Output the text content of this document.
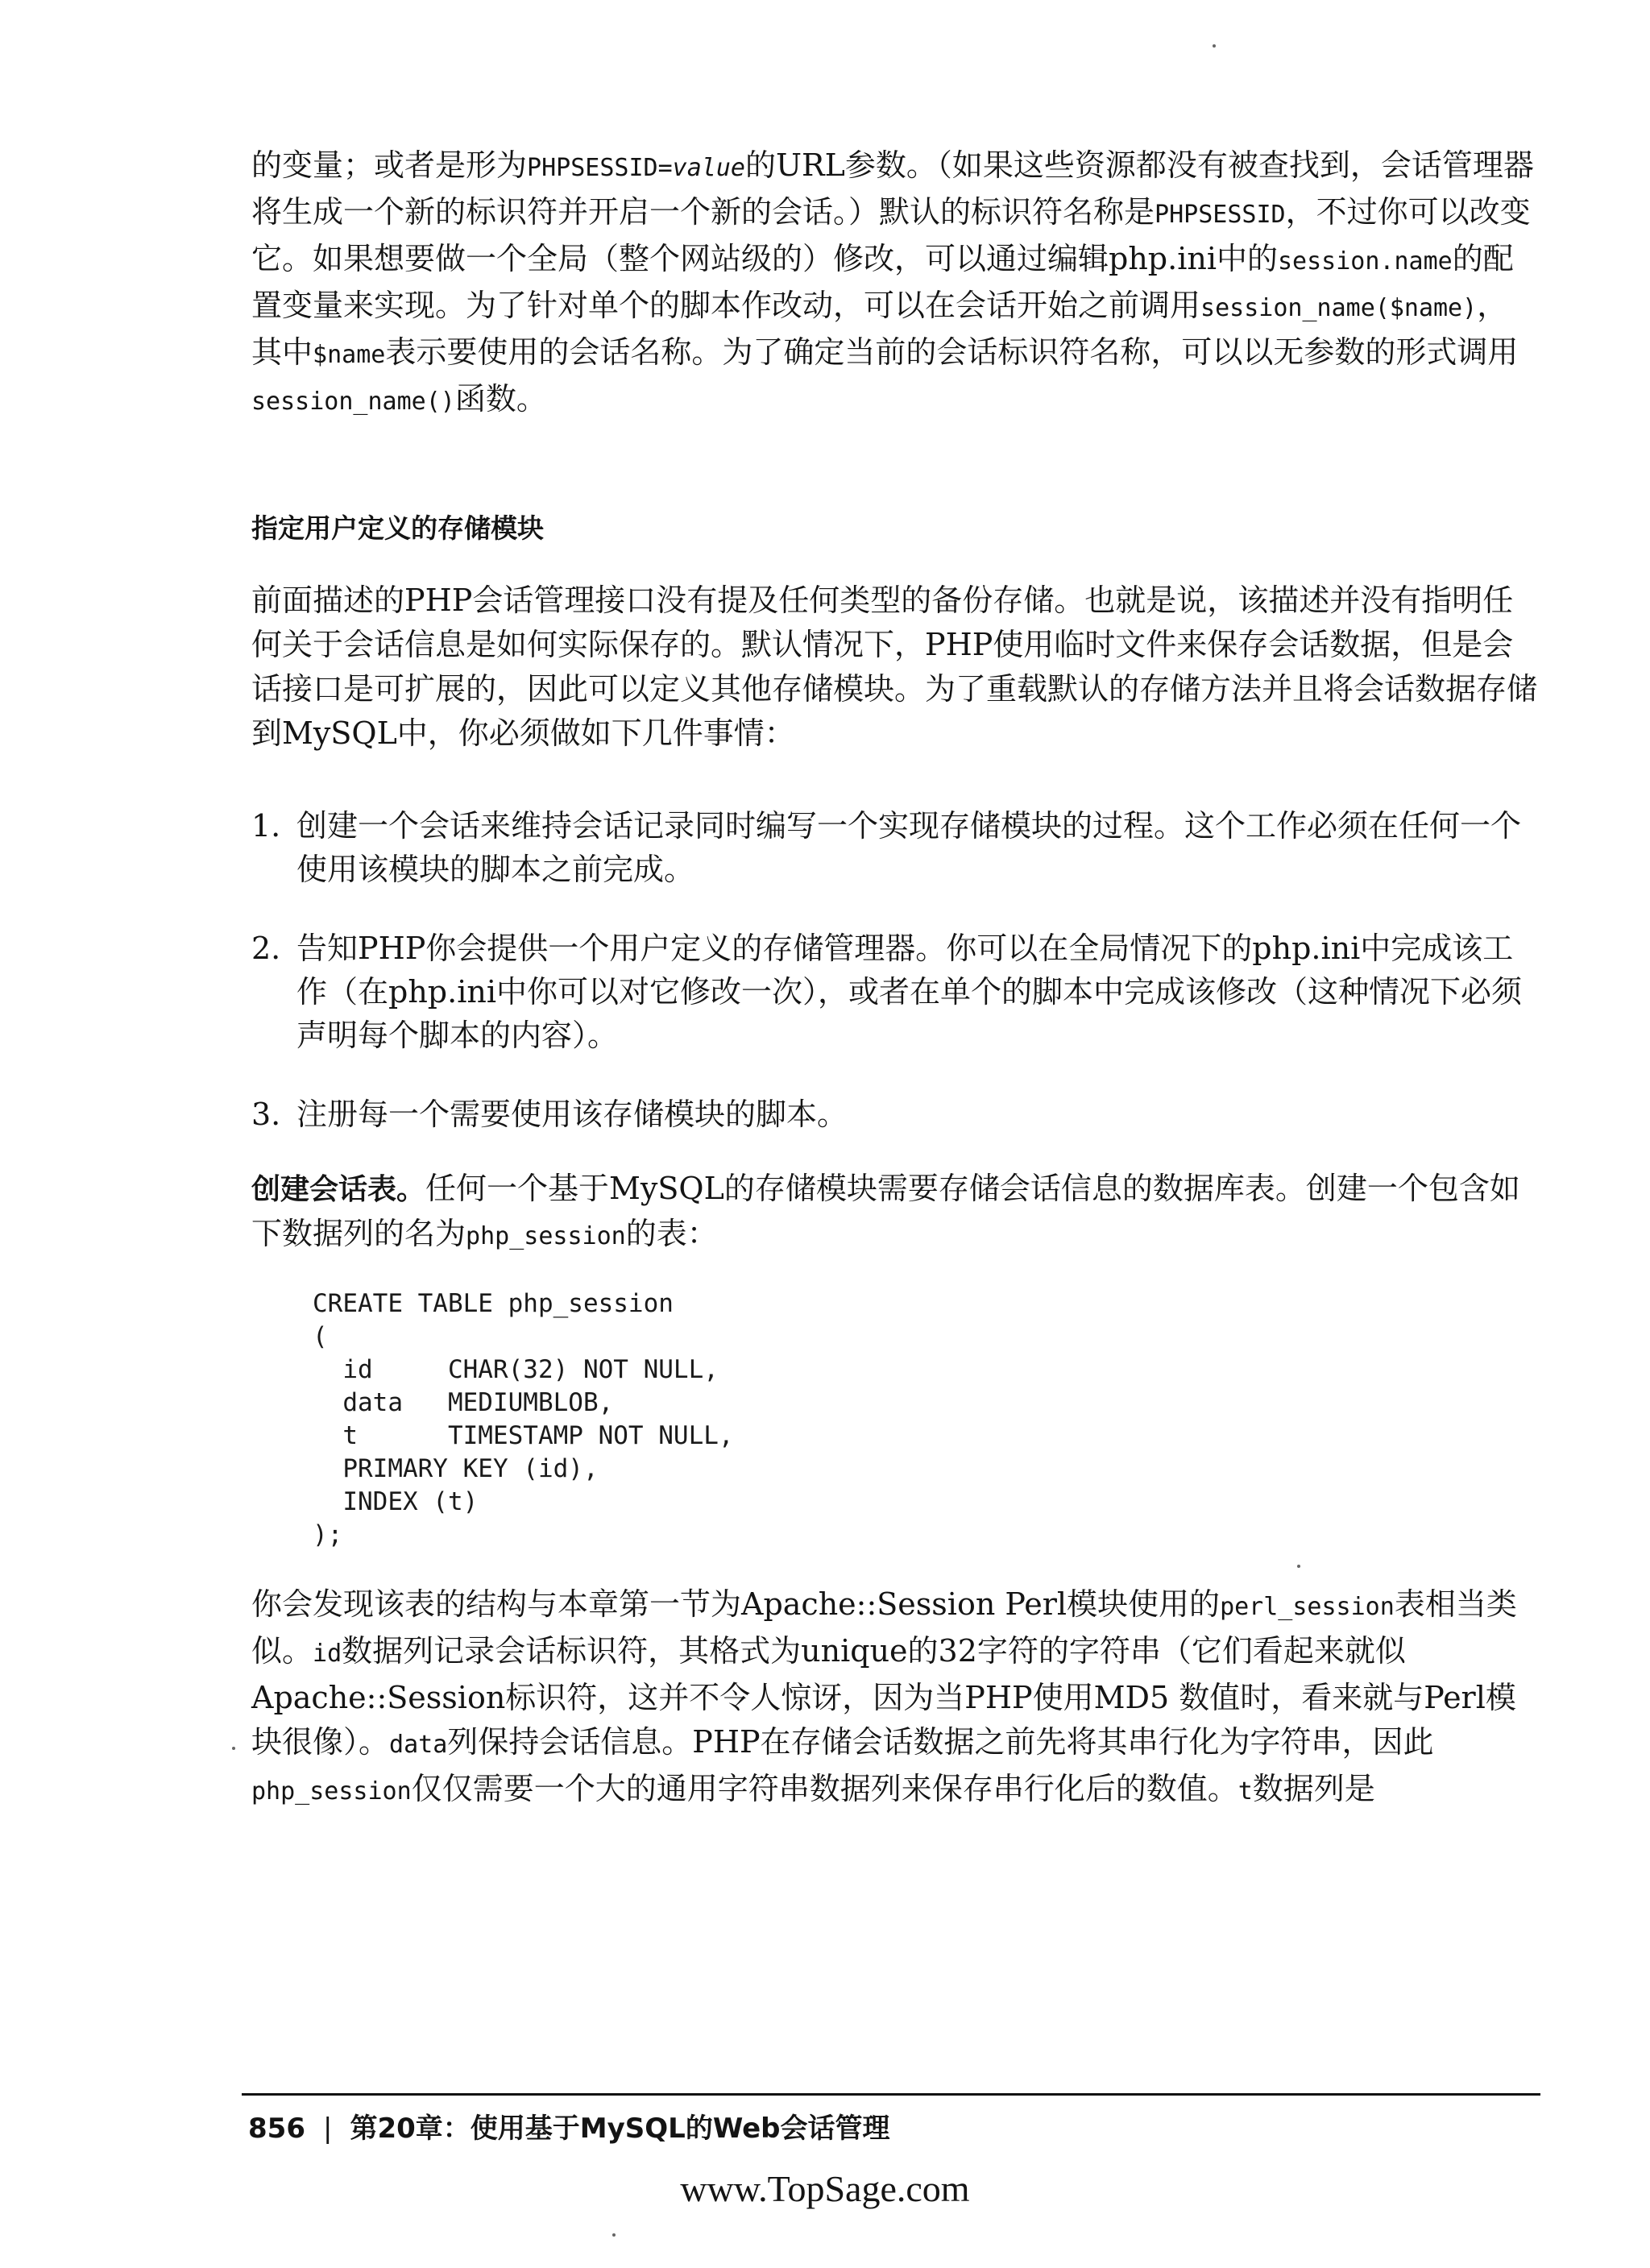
的变量；或者是形为PHPSESSID=value的URL参数。（如果这些资源都没有被查找到，会话管理器将生成一个新的标识符并开启一个新的会话。）默认的标识符名称是PHPSESSID，不过你可以改变它。如果想要做一个全局（整个网站级的）修改，可以通过编辑php.ini中的session.name的配置变量来实现。为了针对单个的脚本作改动，可以在会话开始之前调用session_name($name)，其中$name表示要使用的会话名称。为了确定当前的会话标识符名称，可以以无参数的形式调用session_name()函数。

指定用户定义的存储模块

前面描述的PHP会话管理接口没有提及任何类型的备份存储。也就是说，该描述并没有指明任何关于会话信息是如何实际保存的。默认情况下，PHP使用临时文件来保存会话数据，但是会话接口是可扩展的，因此可以定义其他存储模块。为了重载默认的存储方法并且将会话数据存储到MySQL中，你必须做如下几件事情：

1. 创建一个会话来维持会话记录同时编写一个实现存储模块的过程。这个工作必须在任何一个使用该模块的脚本之前完成。
2. 告知PHP你会提供一个用户定义的存储管理器。你可以在全局情况下的php.ini中完成该工作（在php.ini中你可以对它修改一次），或者在单个的脚本中完成该修改（这种情况下必须声明每个脚本的内容）。
3. 注册每一个需要使用该存储模块的脚本。

创建会话表。任何一个基于MySQL的存储模块需要存储会话信息的数据库表。创建一个包含如下数据列的名为php_session的表：

CREATE TABLE php_session
(
id     CHAR(32) NOT NULL,
data   MEDIUMBLOB,
t      TIMESTAMP NOT NULL,
PRIMARY KEY (id),
INDEX (t)
);

你会发现该表的结构与本章第一节为Apache::Session Perl模块使用的perl_session表相当类似。id数据列记录会话标识符，其格式为unique的32字符的字符串（它们看起来就似Apache::Session标识符，这并不令人惊讶，因为当PHP使用MD5 数值时，看来就与Perl模块很像）。data列保持会话信息。PHP在存储会话数据之前先将其串行化为字符串，因此php_session仅仅需要一个大的通用字符串数据列来保存串行化后的数值。t数据列是

856 | 第20章：使用基于MySQL的Web会话管理
www.TopSage.com
